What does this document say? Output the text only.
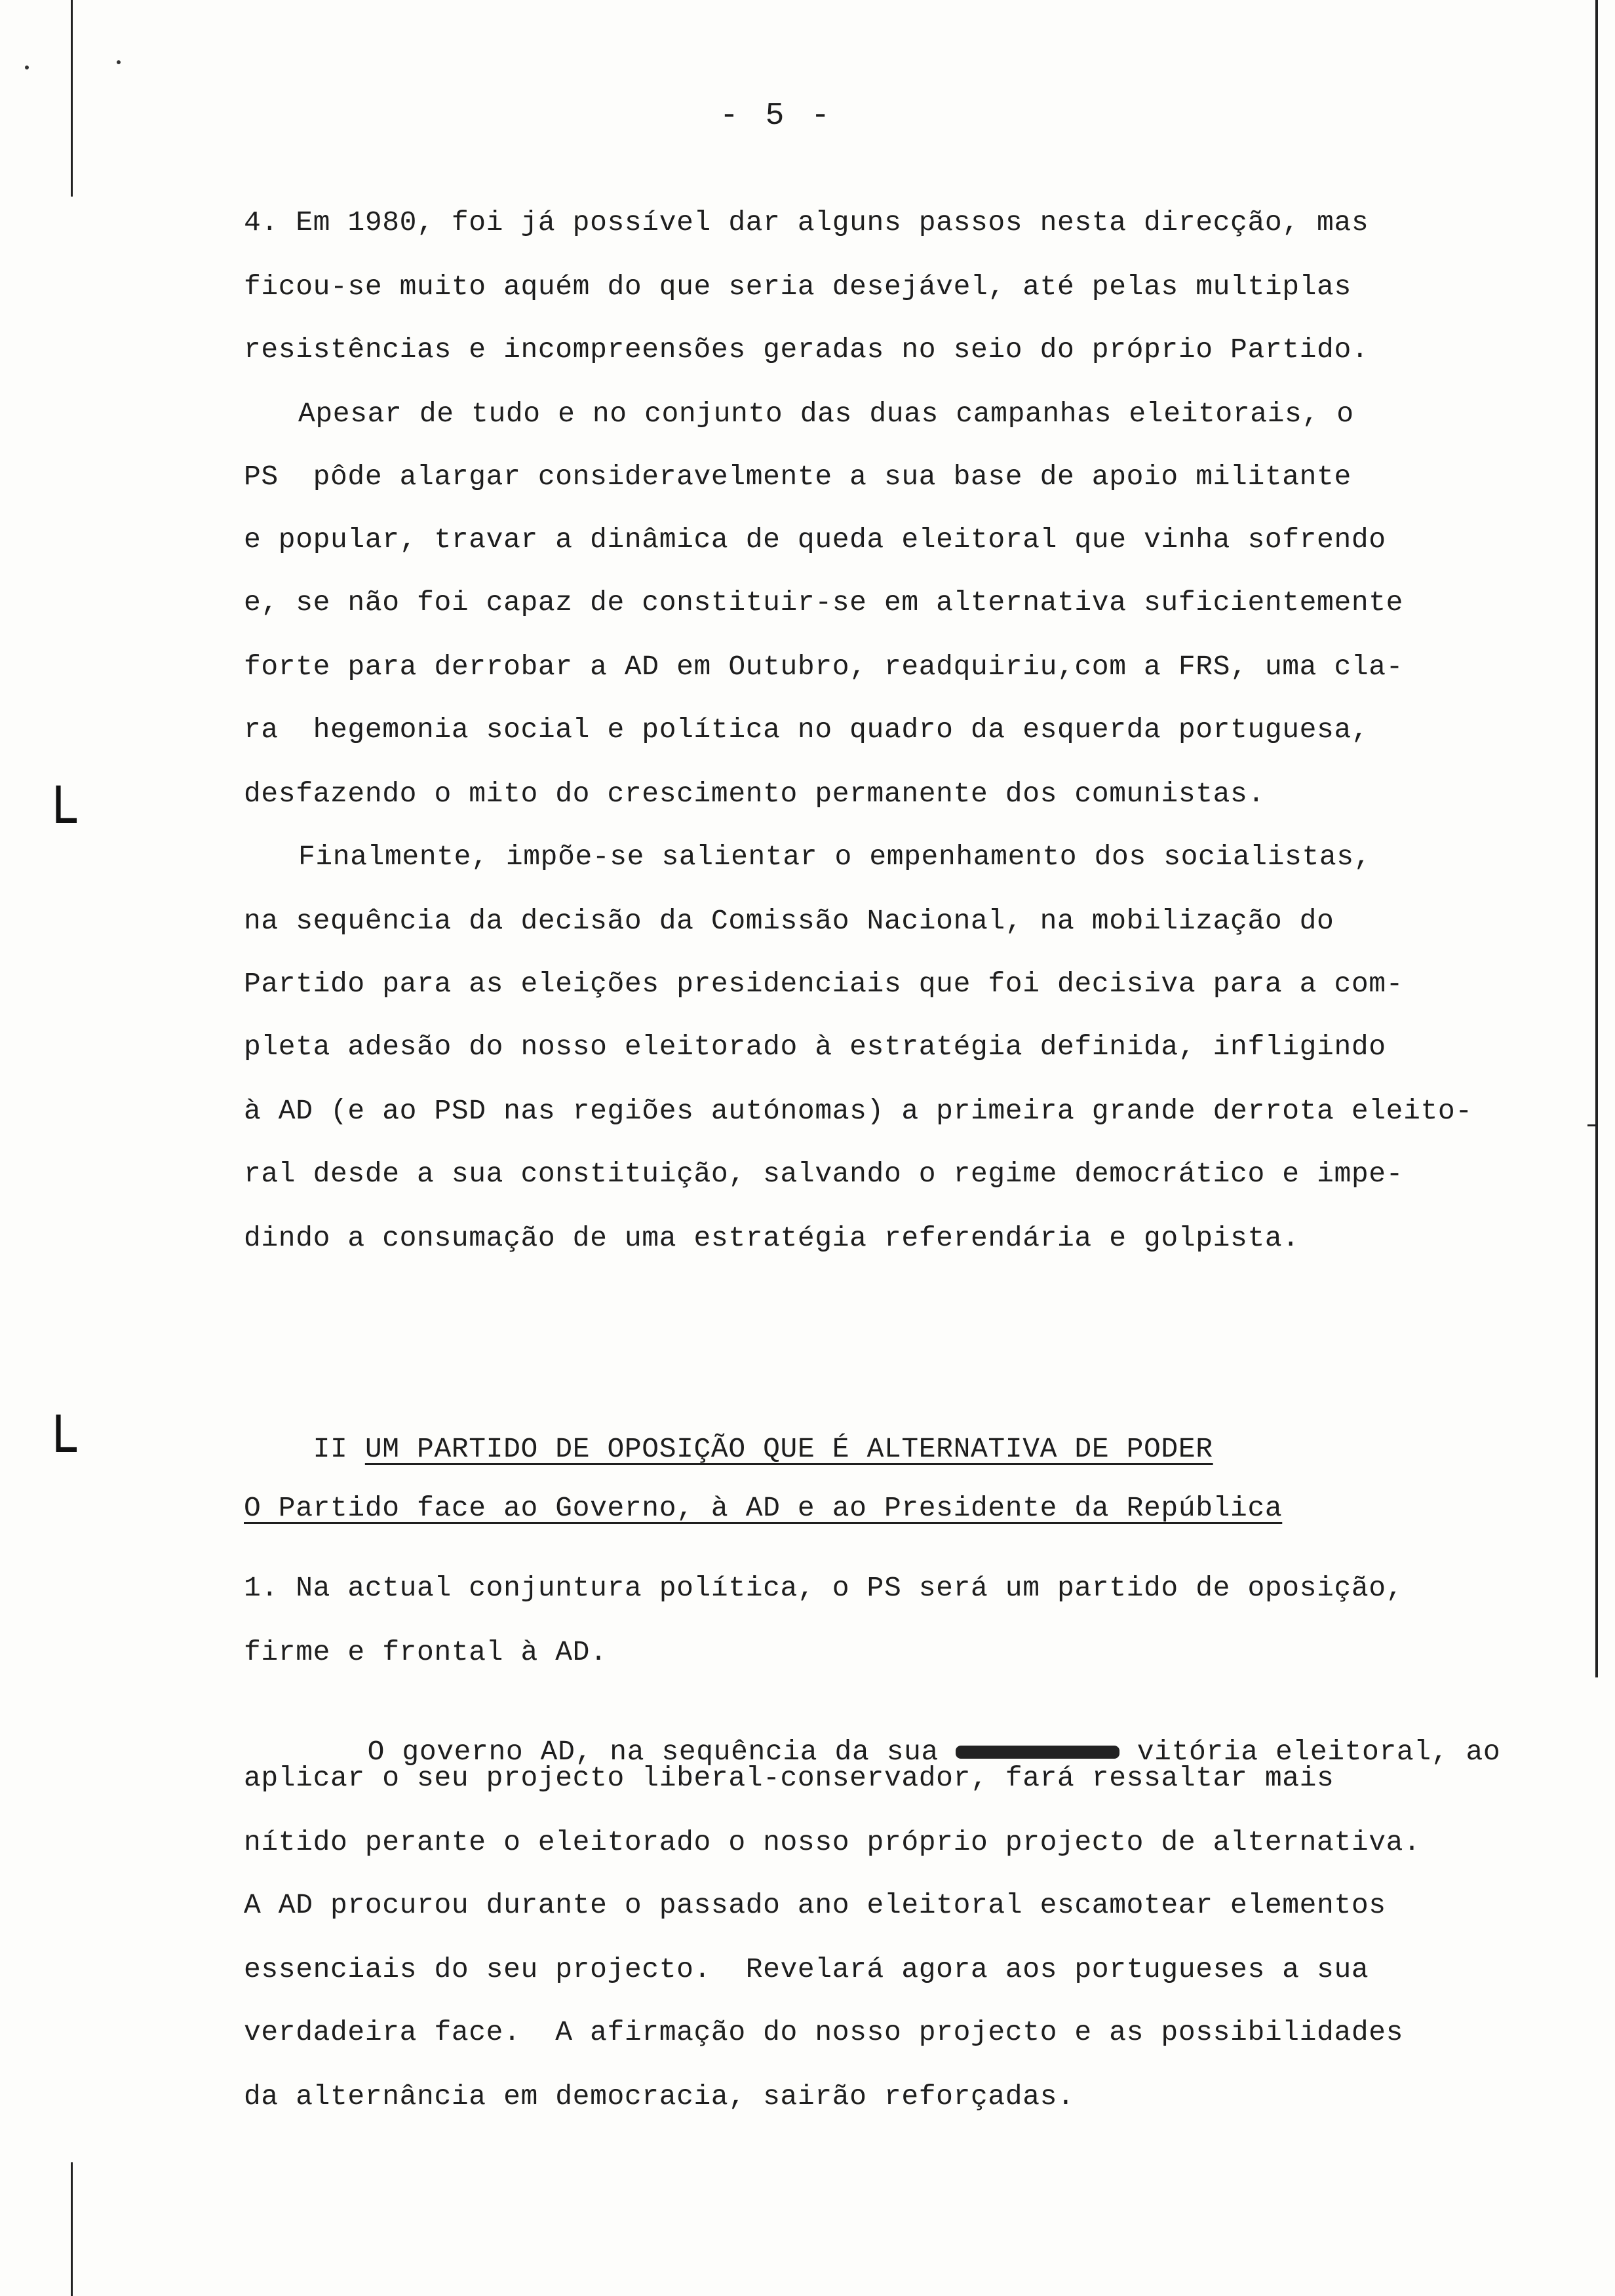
└
└
- 5 -
4. Em 1980, foi já possível dar alguns passos nesta direcção, mas
ficou-se muito aquém do que seria desejável, até pelas multiplas
resistências e incompreensões geradas no seio do próprio Partido.
Apesar de tudo e no conjunto das duas campanhas eleitorais, o
PS  pôde alargar consideravelmente a sua base de apoio militante
e popular, travar a dinâmica de queda eleitoral que vinha sofrendo
e, se não foi capaz de constituir-se em alternativa suficientemente
forte para derrobar a AD em Outubro, readquiriu,com a FRS, uma cla-
ra  hegemonia social e política no quadro da esquerda portuguesa,
desfazendo o mito do crescimento permanente dos comunistas.
Finalmente, impõe-se salientar o empenhamento dos socialistas,
na sequência da decisão da Comissão Nacional, na mobilização do
Partido para as eleições presidenciais que foi decisiva para a com-
pleta adesão do nosso eleitorado à estratégia definida, infligindo
à AD (e ao PSD nas regiões autónomas) a primeira grande derrota eleito-
ral desde a sua constituição, salvando o regime democrático e impe-
dindo a consumação de uma estratégia referendária e golpista.

II UM PARTIDO DE OPOSIÇÃO QUE É ALTERNATIVA DE PODER

O Partido face ao Governo, à AD e ao Presidente da República
1. Na actual conjuntura política, o PS será um partido de oposição,
firme e frontal à AD.

O governo AD, na sequência da sua	vitória eleitoral, ao

aplicar o seu projecto liberal-conservador, fará ressaltar mais
nítido perante o eleitorado o nosso próprio projecto de alternativa.
A AD procurou durante o passado ano eleitoral escamotear elementos
essenciais do seu projecto.  Revelará agora aos portugueses a sua
verdadeira face.  A afirmação do nosso projecto e as possibilidades
da alternância em democracia, sairão reforçadas.
